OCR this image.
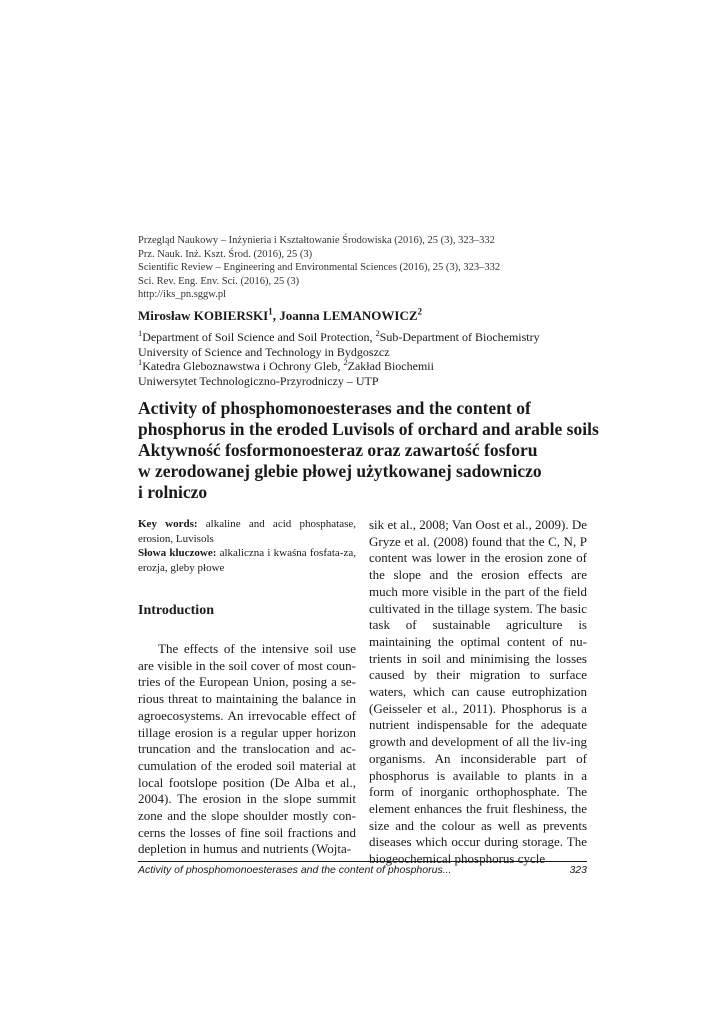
Przegląd Naukowy – Inżynieria i Kształtowanie Środowiska (2016), 25 (3), 323–332
Prz. Nauk. Inż. Kszt. Środ. (2016), 25 (3)
Scientific Review – Engineering and Environmental Sciences (2016), 25 (3), 323–332
Sci. Rev. Eng. Env. Sci. (2016), 25 (3)
http://iks_pn.sggw.pl
Mirosław KOBIERSKI$^1$, Joanna LEMANOWICZ$^2$
$^1$Department of Soil Science and Soil Protection, $^2$Sub-Department of Biochemistry
University of Science and Technology in Bydgoszcz
$^1$Katedra Gleboznawstwa i Ochrony Gleb, $^2$Zakład Biochemii
Uniwersytet Technologiczno-Przyrodniczy – UTP
Activity of phosphomonoesterases and the content of
phosphorus in the eroded Luvisols of orchard and arable soils
Aktywność fosformonoesteraz oraz zawartość fosforu
w zerodowanej glebie płowej użytkowanej sadowniczo
i rolniczo
Key words: alkaline and acid phosphatase, erosion, Luvisols
Słowa kluczowe: alkaliczna i kwaśna fosfata-za, erozja, gleby płowe
Introduction
The effects of the intensive soil use are visible in the soil cover of most coun-tries of the European Union, posing a se-rious threat to maintaining the balance in agroecosystems. An irrevocable effect of tillage erosion is a regular upper horizon truncation and the translocation and ac-cumulation of the eroded soil material at local footslope position (De Alba et al., 2004). The erosion in the slope summit zone and the slope shoulder mostly con-cerns the losses of fine soil fractions and depletion in humus and nutrients (Wojta-
sik et al., 2008; Van Oost et al., 2009). De Gryze et al. (2008) found that the C, N, P content was lower in the erosion zone of the slope and the erosion effects are much more visible in the part of the field cultivated in the tillage system. The basic task of sustainable agriculture is maintaining the optimal content of nu-trients in soil and minimising the losses caused by their migration to surface waters, which can cause eutrophization (Geisseler et al., 2011). Phosphorus is a nutrient indispensable for the adequate growth and development of all the liv-ing organisms. An inconsiderable part of phosphorus is available to plants in a form of inorganic orthophosphate. The element enhances the fruit fleshiness, the size and the colour as well as prevents diseases which occur during storage. The biogeochemical phosphorus cycle
Activity of phosphomonoesterases and the content of phosphorus...	323
